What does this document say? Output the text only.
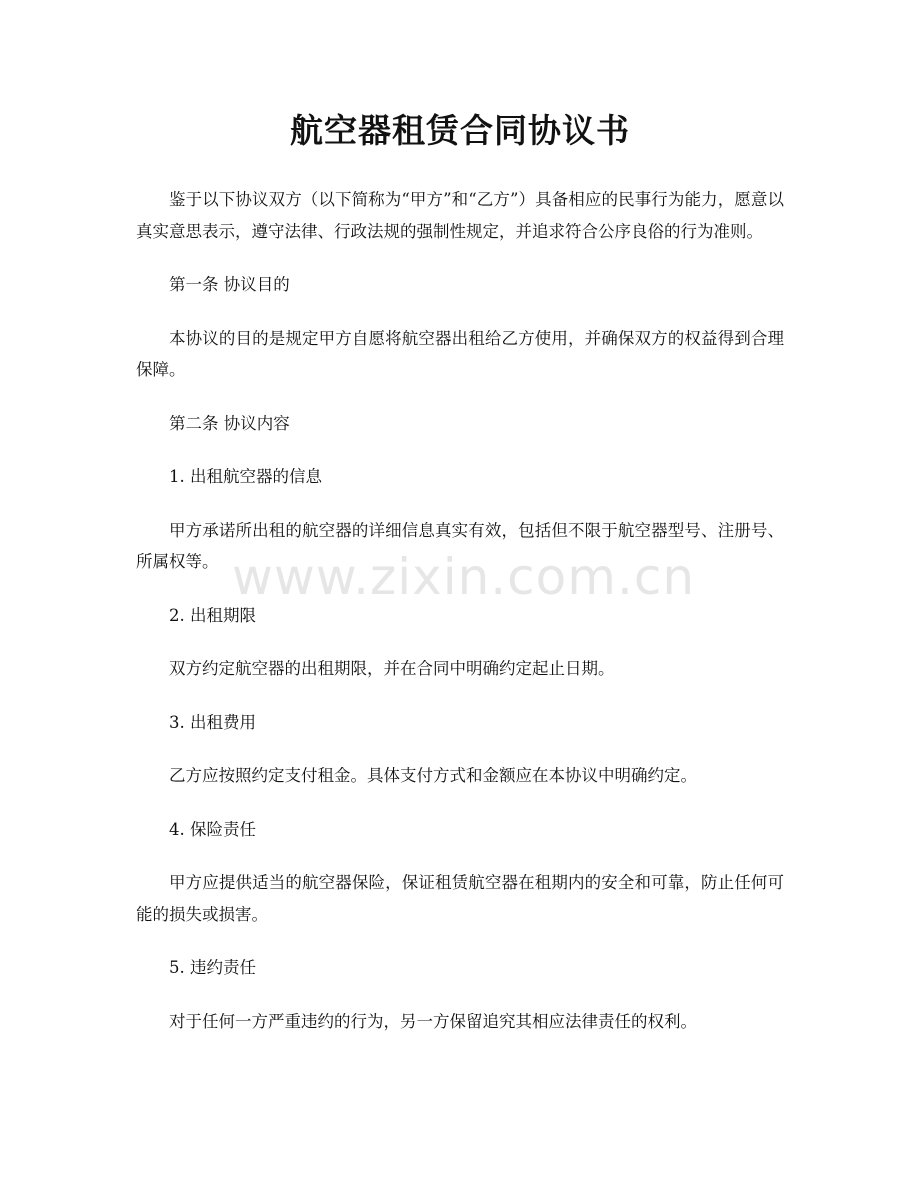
www.zixin.com.cn
航空器租赁合同协议书

鉴于以下协议双方（以下简称为“甲方”和“乙方”）具备相应的民事行为能力，愿意以真实意思表示，遵守法律、行政法规的强制性规定，并追求符合公序良俗的行为准则。

第一条 协议目的

本协议的目的是规定甲方自愿将航空器出租给乙方使用，并确保双方的权益得到合理保障。

第二条 协议内容

1. 出租航空器的信息

甲方承诺所出租的航空器的详细信息真实有效，包括但不限于航空器型号、注册号、所属权等。

2. 出租期限

双方约定航空器的出租期限，并在合同中明确约定起止日期。

3. 出租费用

乙方应按照约定支付租金。具体支付方式和金额应在本协议中明确约定。

4. 保险责任

甲方应提供适当的航空器保险，保证租赁航空器在租期内的安全和可靠，防止任何可能的损失或损害。

5. 违约责任

对于任何一方严重违约的行为，另一方保留追究其相应法律责任的权利。
